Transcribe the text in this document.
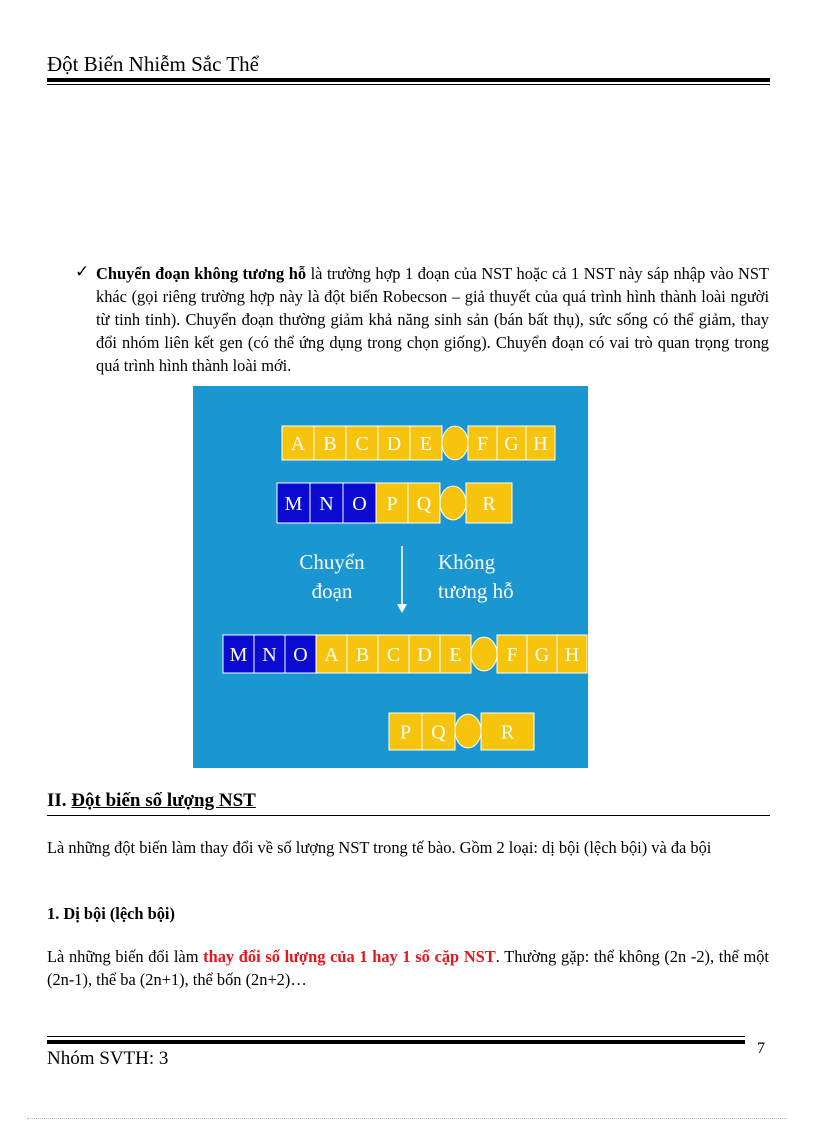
Đột Biến Nhiễm Sắc Thể
✓ Chuyển đoạn không tương hỗ là trường hợp 1 đoạn của NST hoặc cả 1 NST này sáp nhập vào NST khác (gọi riêng trường hợp này là đột biến Robecson – giả thuyết của quá trình hình thành loài người từ tinh tinh). Chuyển đoạn thường giảm khả năng sinh sản (bán bất thụ), sức sống có thể giảm, thay đổi nhóm liên kết gen (có thể ứng dụng trong chọn giống). Chuyển đoạn có vai trò quan trọng trong quá trình hình thành loài mới.
A B C D E F G H
M N O P Q	R
M N O A B C D E F G H
P Q	R
Chuyển
đoạn
Không
tương hỗ
II. Đột biến số lượng NST
Là những đột biến làm thay đổi về số lượng NST trong tế bào. Gồm 2 loại: dị bội (lệch bội) và đa bội
1. Dị bội (lệch bội)
Là những biến đổi làm thay đổi số lượng của 1 hay 1 số cặp NST. Thường gặp: thể không (2n -2), thể một (2n-1), thể ba (2n+1), thể bốn (2n+2)…
Nhóm SVTH: 3	7
